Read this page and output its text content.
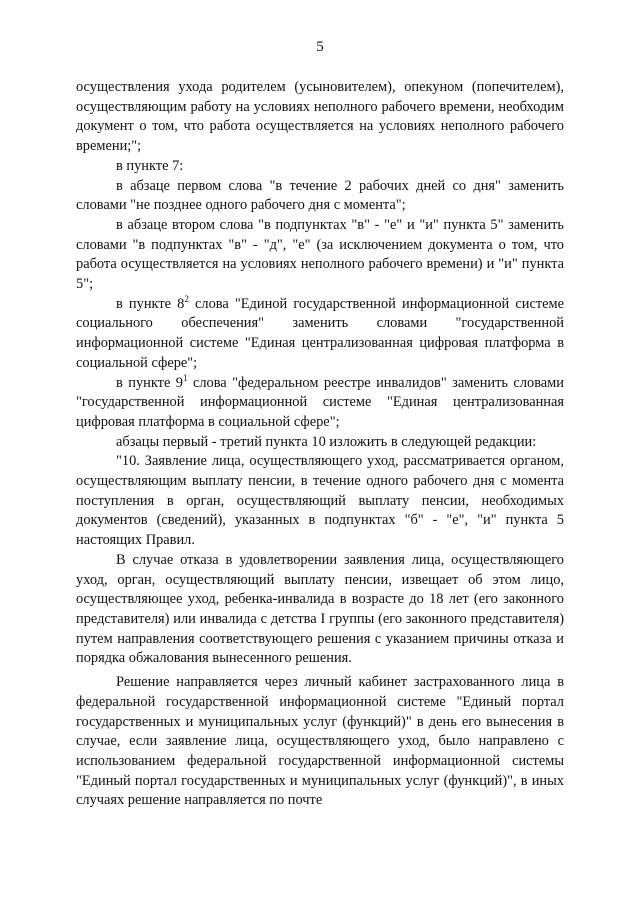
5

осуществления ухода родителем (усыновителем), опекуном (попечителем), осуществляющим работу на условиях неполного рабочего времени, необходим документ о том, что работа осуществляется на условиях неполного рабочего времени;";

в пункте 7:

в абзаце первом слова "в течение 2 рабочих дней со дня" заменить словами "не позднее одного рабочего дня с момента";

в абзаце втором слова "в подпунктах "в" - "е" и "и" пункта 5" заменить словами "в подпунктах "в" - "д", "е" (за исключением документа о том, что работа осуществляется на условиях неполного рабочего времени) и "и" пункта 5";

в пункте $8^2$ слова "Единой государственной информационной системе социального обеспечения" заменить словами "государственной информационной системе "Единая централизованная цифровая платформа в социальной сфере";

в пункте $9^1$ слова "федеральном реестре инвалидов" заменить словами "государственной информационной системе "Единая централизованная цифровая платформа в социальной сфере";

абзацы первый - третий пункта 10 изложить в следующей редакции:

"10. Заявление лица, осуществляющего уход, рассматривается органом, осуществляющим выплату пенсии, в течение одного рабочего дня с момента поступления в орган, осуществляющий выплату пенсии, необходимых документов (сведений), указанных в подпунктах "б" - "е", "и" пункта 5 настоящих Правил.

В случае отказа в удовлетворении заявления лица, осуществляющего уход, орган, осуществляющий выплату пенсии, извещает об этом лицо, осуществляющее уход, ребенка-инвалида в возрасте до 18 лет (его законного представителя) или инвалида с детства I группы (его законного представителя) путем направления соответствующего решения с указанием причины отказа и порядка обжалования вынесенного решения.

Решение направляется через личный кабинет застрахованного лица в федеральной государственной информационной системе "Единый портал государственных и муниципальных услуг (функций)" в день его вынесения в случае, если заявление лица, осуществляющего уход, было направлено с использованием федеральной государственной информационной системы "Единый портал государственных и муниципальных услуг (функций)", в иных случаях решение направляется по почте
